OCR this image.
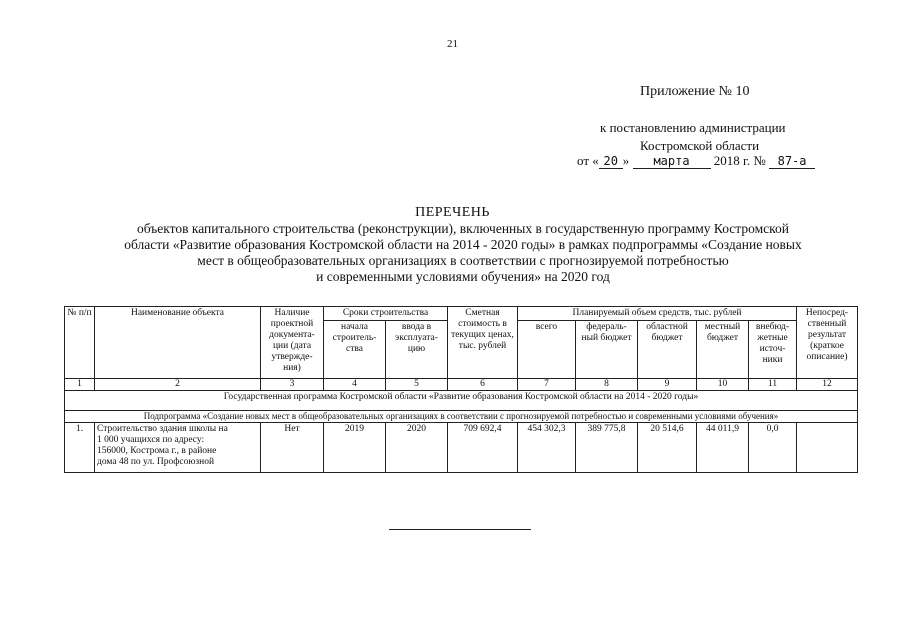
21
Приложение № 10
к постановлению администрации
Костромской области
от « 20 » марта 2018 г. № 87-а
ПЕРЕЧЕНЬ
объектов капитального строительства (реконструкции), включенных в государственную программу Костромской
области «Развитие образования Костромской области на 2014 - 2020 годы» в рамках подпрограммы «Создание новых
мест в общеобразовательных организациях в соответствии с прогнозируемой потребностью
и современными условиями обучения» на 2020 год
№ п/п	Наименование объекта	Наличие проектной документа-ции (дата утвержде-ния)	Сроки строительства		Сметная стоимость в текущих ценах, тыс. рублей	Планируемый объем средств, тыс. рублей					Непосред-ственный результат (краткое описание)
			начала строитель-ства	ввода в эксплуата-цию		всего	федераль-ный бюджет	областной бюджет	местный бюджет	внебюд-жетные источ-ники	
1	2	3	4	5	6	7	8	9	10	11	12
Государственная программа Костромской области «Развитие образования Костромской области на 2014 - 2020 годы»											
Подпрограмма «Создание новых мест в общеобразовательных организациях в соответствии с прогнозируемой потребностью и современными условиями обучения»											
1.	Строительство здания школы на
1 000 учащихся по адресу:
156000, Кострома г., в районе
дома 48 по ул. Профсоюзной	Нет	2019	2020	709 692,4	454 302,3	389 775,8	20 514,6	44 011,9	0,0	
